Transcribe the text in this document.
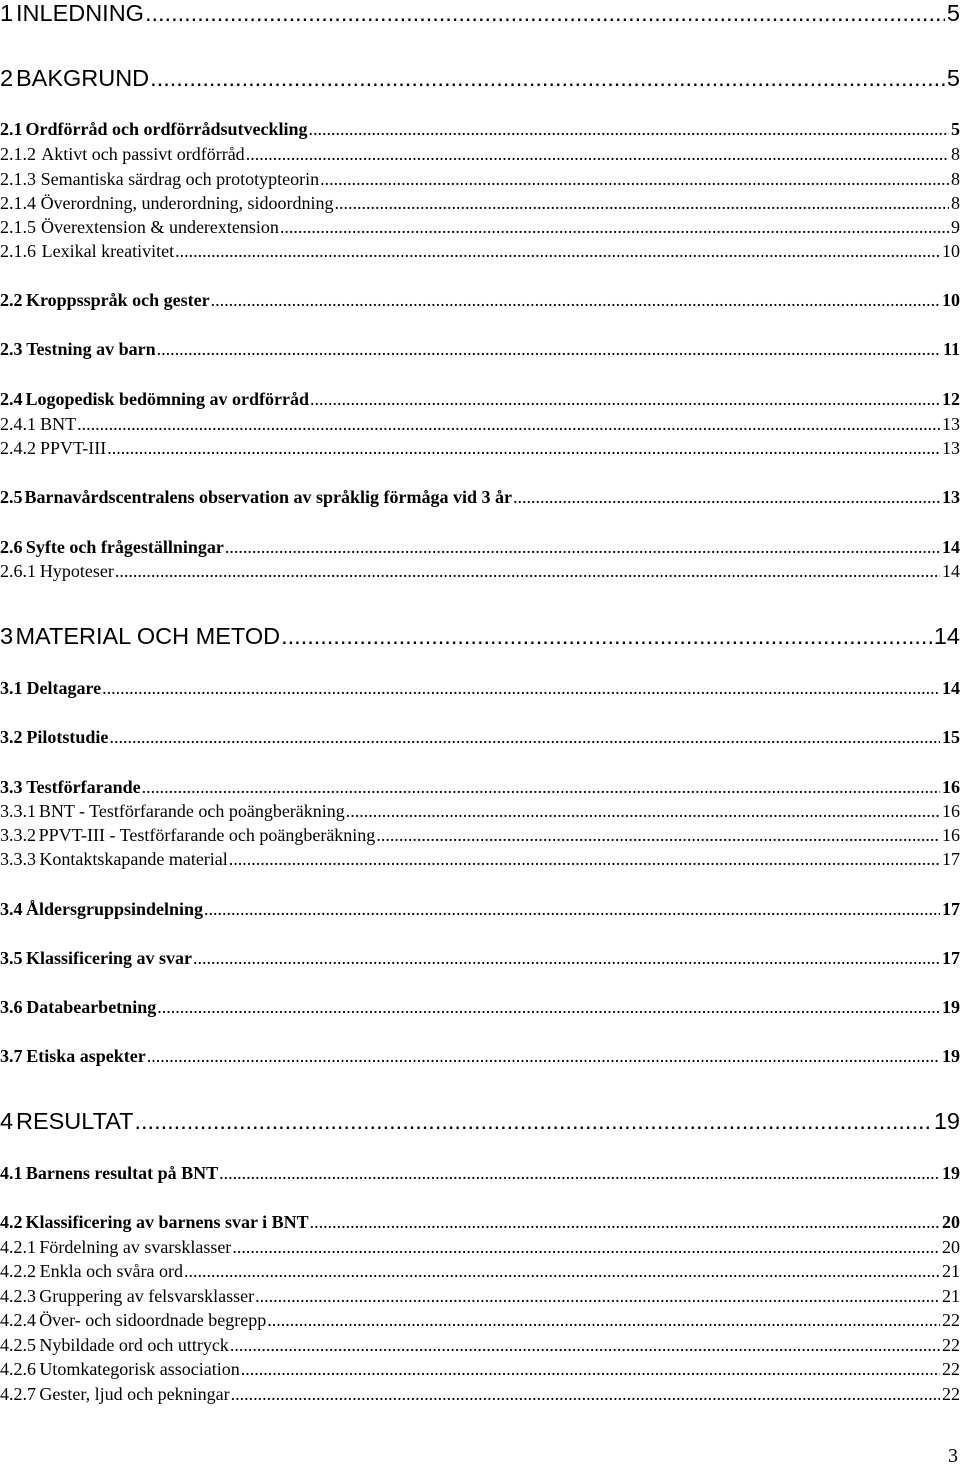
1 INLEDNING .....	5
2 BAKGRUND .....	5
2.1 Ordförråd och ordförrådsutveckling .....	5
2.1.2 Aktivt och passivt ordförråd .....	8
2.1.3 Semantiska särdrag och prototypteorin .....	8
2.1.4 Överordning, underordning, sidoordning .....	8
2.1.5 Överextension & underextension .....	9
2.1.6 Lexikal kreativitet .....	10
2.2 Kroppsspråk och gester .....	10
2.3 Testning av barn .....	11
2.4 Logopedisk bedömning av ordförråd .....	12
2.4.1 BNT .....	13
2.4.2 PPVT-III .....	13
2.5 Barnavårdscentralens observation av språklig förmåga vid 3 år .....	13
2.6 Syfte och frågeställningar .....	14
2.6.1 Hypoteser .....	14
3 MATERIAL OCH METOD .....	14
3.1 Deltagare .....	14
3.2 Pilotstudie .....	15
3.3 Testförfarande .....	16
3.3.1 BNT - Testförfarande och poängberäkning .....	16
3.3.2 PPVT-III - Testförfarande och poängberäkning .....	16
3.3.3 Kontaktskapande material .....	17
3.4 Åldersgruppsindelning .....	17
3.5 Klassificering av svar .....	17
3.6 Databearbetning .....	19
3.7 Etiska aspekter .....	19
4 RESULTAT .....	19
4.1 Barnens resultat på BNT .....	19
4.2 Klassificering av barnens svar i BNT .....	20
4.2.1 Fördelning av svarsklasser .....	20
4.2.2 Enkla och svåra ord .....	21
4.2.3 Gruppering av felsvarsklasser .....	21
4.2.4 Över- och sidoordnade begrepp .....	22
4.2.5 Nybildade ord och uttryck .....	22
4.2.6 Utomkategorisk association .....	22
4.2.7 Gester, ljud och pekningar .....	22
3
